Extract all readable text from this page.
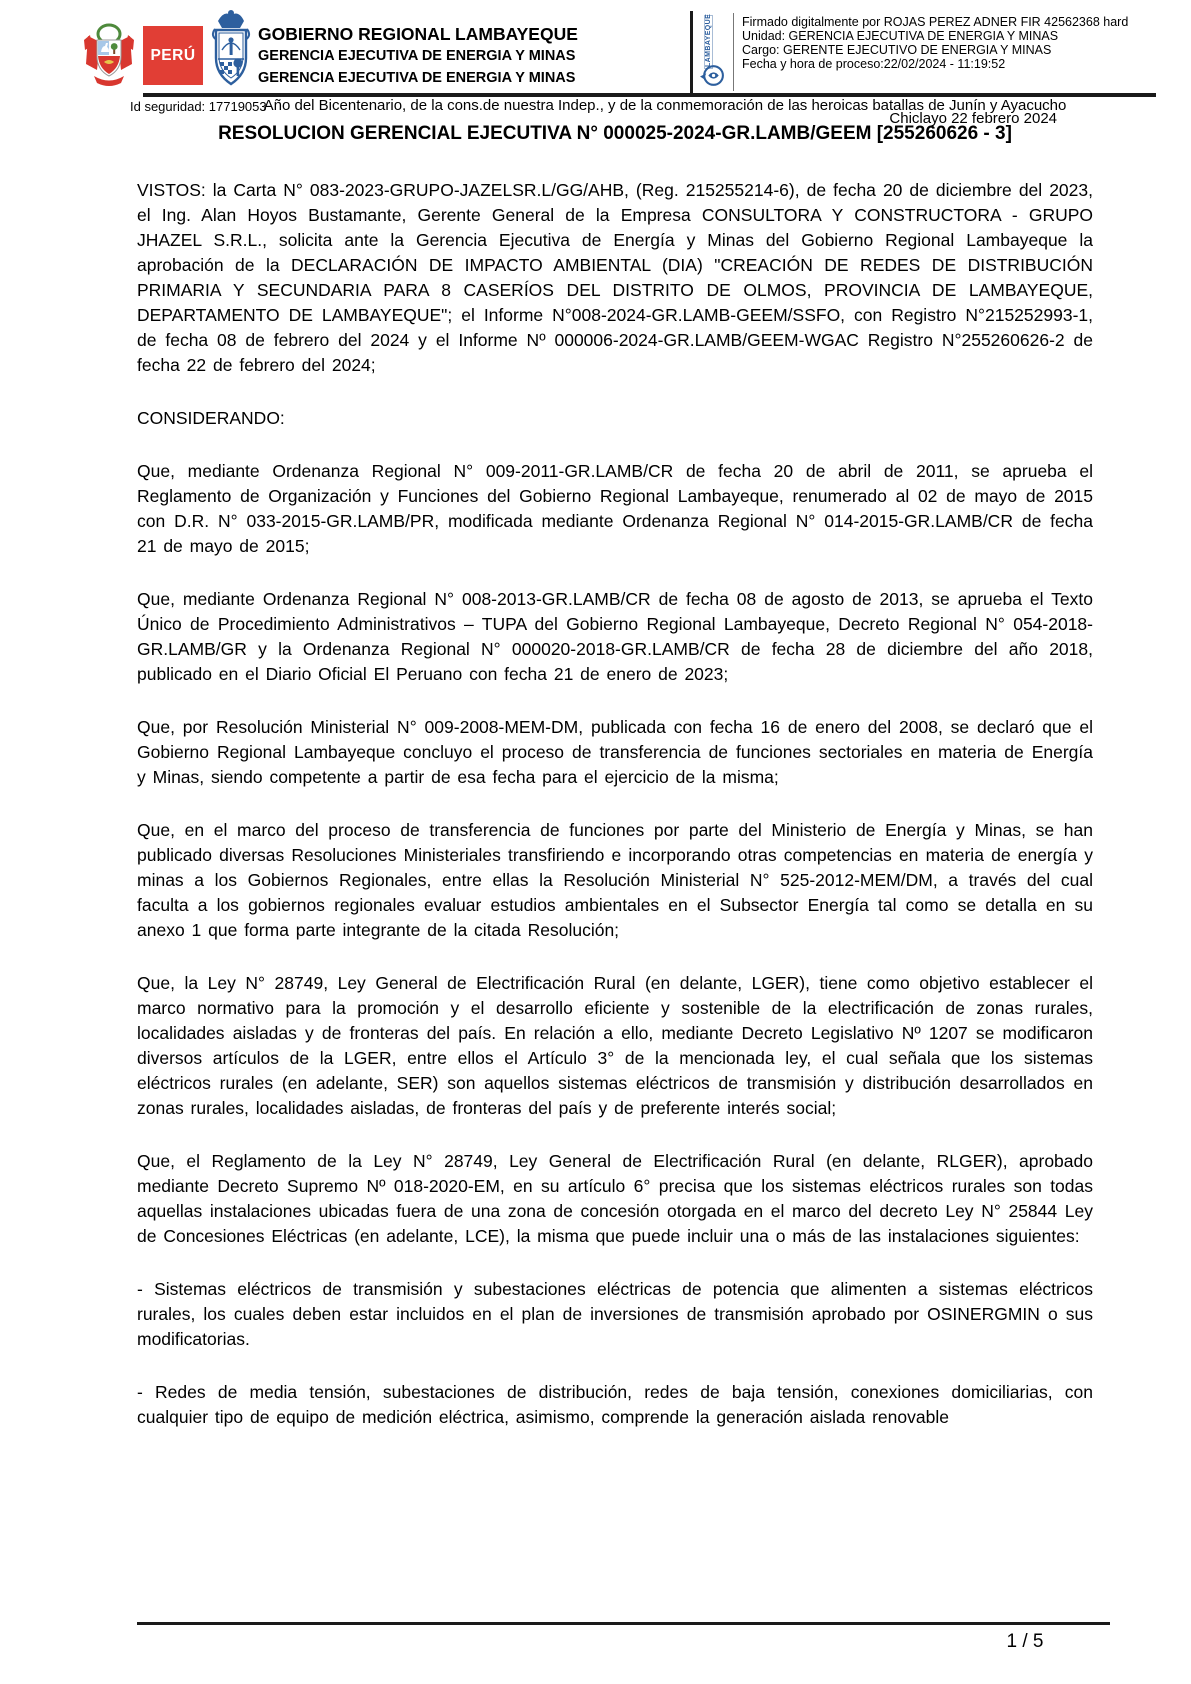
PERÚ
GOBIERNO REGIONAL LAMBAYEQUE
GERENCIA EJECUTIVA DE ENERGIA Y MINAS
GERENCIA EJECUTIVA DE ENERGIA Y MINAS
LAMBAYEQUE Firmado digitalmente por ROJAS PEREZ ADNER FIR 42562368 hard
Unidad: GERENCIA EJECUTIVA DE ENERGIA Y MINAS
Cargo: GERENTE EJECUTIVO DE ENERGIA Y MINAS
Fecha y hora de proceso:22/02/2024 - 11:19:52
Id seguridad: 17719053
Año del Bicentenario, de la cons.de nuestra Indep., y de la conmemoración de las heroicas batallas de Junín y Ayacucho
Chiclayo 22 febrero 2024
RESOLUCION GERENCIAL EJECUTIVA N° 000025-2024-GR.LAMB/GEEM [255260626 - 3]

VISTOS: la Carta N° 083-2023-GRUPO-JAZELSR.L/GG/AHB, (Reg. 215255214-6), de fecha 20 de diciembre del 2023, el Ing. Alan Hoyos Bustamante, Gerente General de la Empresa CONSULTORA Y CONSTRUCTORA - GRUPO JHAZEL S.R.L., solicita ante la Gerencia Ejecutiva de Energía y Minas del Gobierno Regional Lambayeque la aprobación de la DECLARACIÓN DE IMPACTO AMBIENTAL (DIA) "CREACIÓN DE REDES DE DISTRIBUCIÓN PRIMARIA Y SECUNDARIA PARA 8 CASERÍOS DEL DISTRITO DE OLMOS, PROVINCIA DE LAMBAYEQUE, DEPARTAMENTO DE LAMBAYEQUE"; el Informe N°008-2024-GR.LAMB-GEEM/SSFO, con Registro N°215252993-1, de fecha 08 de febrero del 2024 y el Informe Nº 000006-2024-GR.LAMB/GEEM-WGAC Registro N°255260626-2 de fecha 22 de febrero del 2024;

CONSIDERANDO:

Que, mediante Ordenanza Regional N° 009-2011-GR.LAMB/CR de fecha 20 de abril de 2011, se aprueba el Reglamento de Organización y Funciones del Gobierno Regional Lambayeque, renumerado al 02 de mayo de 2015 con D.R. N° 033-2015-GR.LAMB/PR, modificada mediante Ordenanza Regional N° 014-2015-GR.LAMB/CR de fecha 21 de mayo de 2015;

Que, mediante Ordenanza Regional N° 008-2013-GR.LAMB/CR de fecha 08 de agosto de 2013, se aprueba el Texto Único de Procedimiento Administrativos – TUPA del Gobierno Regional Lambayeque, Decreto Regional N° 054-2018-GR.LAMB/GR y la Ordenanza Regional N° 000020-2018-GR.LAMB/CR de fecha 28 de diciembre del año 2018, publicado en el Diario Oficial El Peruano con fecha 21 de enero de 2023;

Que, por Resolución Ministerial N° 009-2008-MEM-DM, publicada con fecha 16 de enero del 2008, se declaró que el Gobierno Regional Lambayeque concluyo el proceso de transferencia de funciones sectoriales en materia de Energía y Minas, siendo competente a partir de esa fecha para el ejercicio de la misma;

Que, en el marco del proceso de transferencia de funciones por parte del Ministerio de Energía y Minas, se han publicado diversas Resoluciones Ministeriales transfiriendo e incorporando otras competencias en materia de energía y minas a los Gobiernos Regionales, entre ellas la Resolución Ministerial N° 525-2012-MEM/DM, a través del cual faculta a los gobiernos regionales evaluar estudios ambientales en el Subsector Energía tal como se detalla en su anexo 1 que forma parte integrante de la citada Resolución;

Que, la Ley N° 28749, Ley General de Electrificación Rural (en delante, LGER), tiene como objetivo establecer el marco normativo para la promoción y el desarrollo eficiente y sostenible de la electrificación de zonas rurales, localidades aisladas y de fronteras del país. En relación a ello, mediante Decreto Legislativo Nº 1207 se modificaron diversos artículos de la LGER, entre ellos el Artículo 3° de la mencionada ley, el cual señala que los sistemas eléctricos rurales (en adelante, SER) son aquellos sistemas eléctricos de transmisión y distribución desarrollados en zonas rurales, localidades aisladas, de fronteras del país y de preferente interés social;

Que, el Reglamento de la Ley N° 28749, Ley General de Electrificación Rural (en delante, RLGER), aprobado mediante Decreto Supremo Nº 018-2020-EM, en su artículo 6° precisa que los sistemas eléctricos rurales son todas aquellas instalaciones ubicadas fuera de una zona de concesión otorgada en el marco del decreto Ley N° 25844 Ley de Concesiones Eléctricas (en adelante, LCE), la misma que puede incluir una o más de las instalaciones siguientes:

- Sistemas eléctricos de transmisión y subestaciones eléctricas de potencia que alimenten a sistemas eléctricos rurales, los cuales deben estar incluidos en el plan de inversiones de transmisión aprobado por OSINERGMIN o sus modificatorias.

- Redes de media tensión, subestaciones de distribución, redes de baja tensión, conexiones domiciliarias, con cualquier tipo de equipo de medición eléctrica, asimismo, comprende la generación aislada renovable

1 / 5
